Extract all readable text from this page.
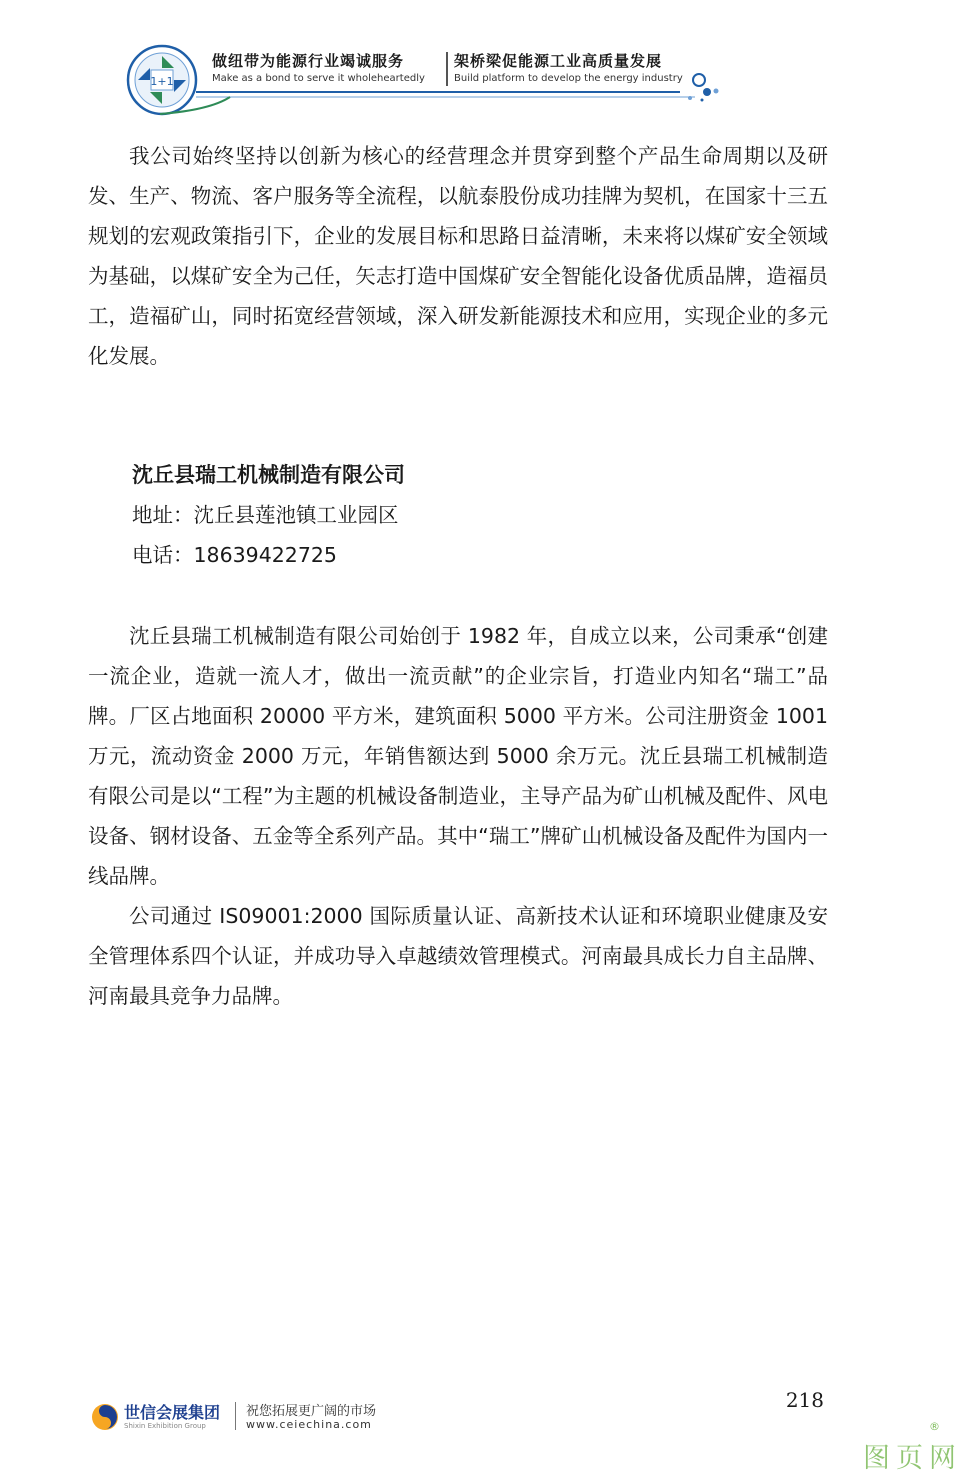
1+1
做纽带为能源行业竭诚服务	架桥梁促能源工业高质量发展
Make as a bond to serve it wholeheartedly	Build platform to develop the energy industry

我公司始终坚持以创新为核心的经营理念并贯穿到整个产品生命周期以及研发、生产、物流、客户服务等全流程，以航泰股份成功挂牌为契机，在国家十三五规划的宏观政策指引下，企业的发展目标和思路日益清晰，未来将以煤矿安全领域为基础，以煤矿安全为己任，矢志打造中国煤矿安全智能化设备优质品牌，造福员工，造福矿山，同时拓宽经营领域，深入研发新能源技术和应用，实现企业的多元化发展。

沈丘县瑞工机械制造有限公司
地址：沈丘县莲池镇工业园区
电话：18639422725

沈丘县瑞工机械制造有限公司始创于 1982 年，自成立以来，公司秉承“创建一流企业，造就一流人才，做出一流贡献”的企业宗旨，打造业内知名“瑞工”品牌。厂区占地面积 20000 平方米，建筑面积 5000 平方米。公司注册资金 1001 万元，流动资金 2000 万元，年销售额达到 5000 余万元。沈丘县瑞工机械制造有限公司是以“工程”为主题的机械设备制造业，主导产品为矿山机械及配件、风电设备、钢材设备、五金等全系列产品。其中“瑞工”牌矿山机械设备及配件为国内一线品牌。

公司通过 IS09001:2000 国际质量认证、高新技术认证和环境职业健康及安全管理体系四个认证，并成功导入卓越绩效管理模式。河南最具成长力自主品牌、河南最具竞争力品牌。

218
世信会展集团
Shixin Exhibition Group
祝您拓展更广阔的市场
www.ceiechina.com	®
图页网
